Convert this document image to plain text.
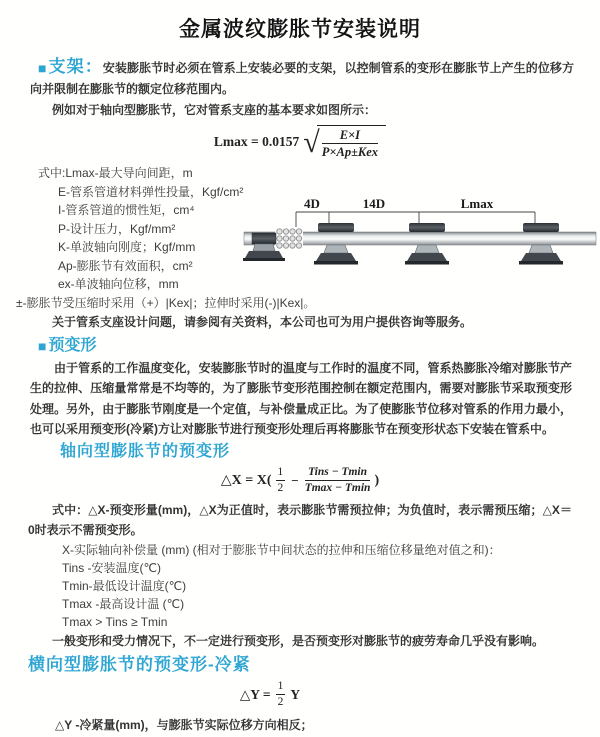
金属波纹膨胀节安装说明

■ 支架：安装膨胀节时必须在管系上安装必要的支架，以控制管系的变形在膨胀节上产生的位移方向并限制在膨胀节的额定位移范围内。

例如对于轴向型膨胀节，它对管系支座的基本要求如图所示：

Lmax = 0.0157 √	E×I
P×Ap±Kex
式中:Lmax-最大导向间距，m
E-管系管道材料弹性投量，Kgf/cm²
I-管系管道的惯性矩，cm⁴
P-设计压力，Kgf/mm²
K-单波轴向刚度；Kgf/mm
Ap-膨胀节有效面积，cm²
ex-单波轴向位移，mm

±-膨胀节受压缩时采用（+）|Kex|；拉伸时采用(-)|Kex|。

关于管系支座设计问题，请参阅有关资料，本公司也可为用户提供咨询等服务。

4D	14D	Lmax

■ 预变形

由于管系的工作温度变化，安装膨胀节时的温度与工作时的温度不同，管系热膨胀冷缩对膨胀节产生的拉伸、压缩量常常是不均等的，为了膨胀节变形范围控制在额定范围内，需要对膨胀节采取预变形处理。另外，由于膨胀节刚度是一个定值，与补偿量成正比。为了使膨胀节位移对管系的作用力最小，也可以采用预变形(冷紧)方让对膨胀节进行预变形处理后再将膨胀节在预变形状态下安装在管系中。

轴向型膨胀节的预变形

△X = $X( \frac{1}{2}$ −
Tins − Tmin
Tmax − Tmin
)

式中：△X-预变形量(mm)，△X为正值时，表示膨胀节需预拉伸；为负值时，表示需预压缩；△X＝0时表示不需预变形。

X-实际轴向补偿量 (mm) (相对于膨胀节中间状态的拉伸和压缩位移量绝对值之和)：
Tins -安装温度(℃)
Tmin-最低设计温度(℃)
Tmax -最高设计温 (℃)
Tmax > Tins ≥ Tmin

一般变形和受力情况下，不一定进行预变形，是否预变形对膨胀节的疲劳寿命几乎没有影响。

横向型膨胀节的预变形-冷紧

△Y = $\frac{1}{2}$ Y

△Y -冷紧量(mm)，与膨胀节实际位移方向相反；
